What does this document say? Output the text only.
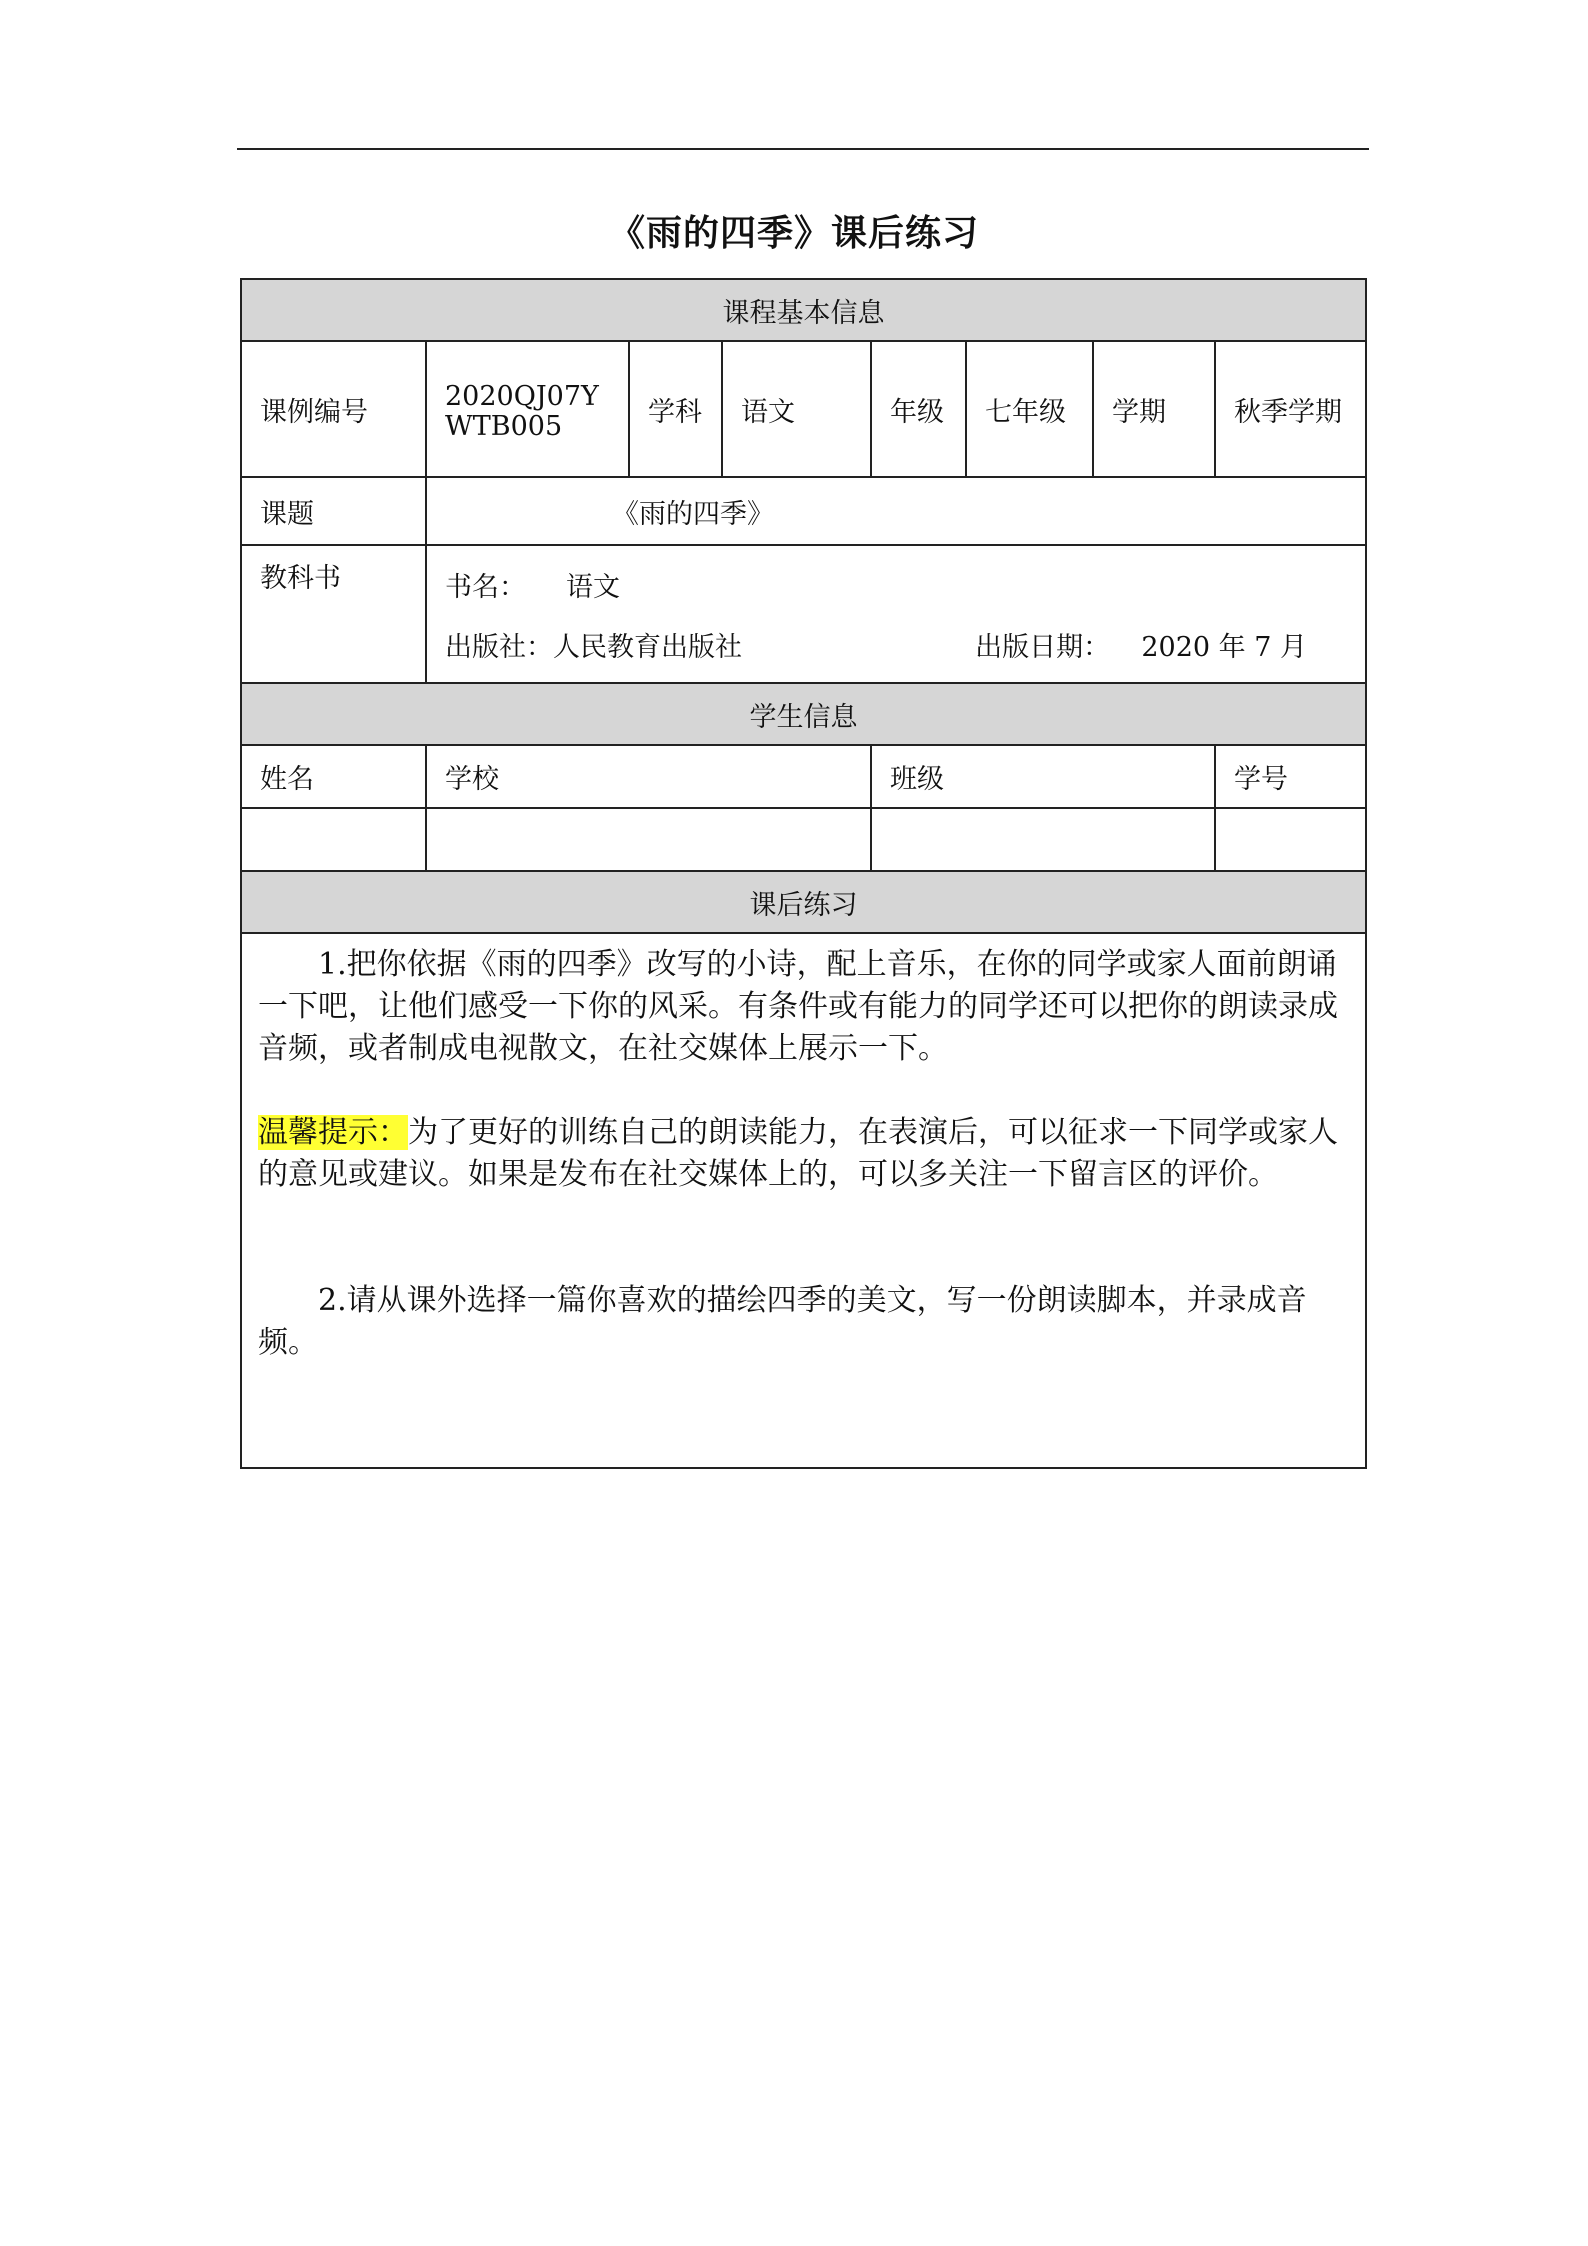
《雨的四季》课后练习
课程基本信息							
课例编号	2020QJ07YWTB005	学科	语文	年级	七年级	学期	秋季学期
课题	《雨的四季》						
教科书	书名： 语文
出版社： 人民教育出版社 出版日期： 2020 年 7 月						

学生信息							
姓名	学校			班级			学号

课后练习							

1.把你依据《雨的四季》改写的小诗，配上音乐，在你的同学或家人面前朗诵一下吧，让他们感受一下你的风采。有条件或有能力的同学还可以把你的朗读录成音频，或者制成电视散文，在社交媒体上展示一下。

温馨提示：为了更好的训练自己的朗读能力，在表演后，可以征求一下同学或家人的意见或建议。如果是发布在社交媒体上的，可以多关注一下留言区的评价。

2.请从课外选择一篇你喜欢的描绘四季的美文，写一份朗读脚本，并录成音频。							
